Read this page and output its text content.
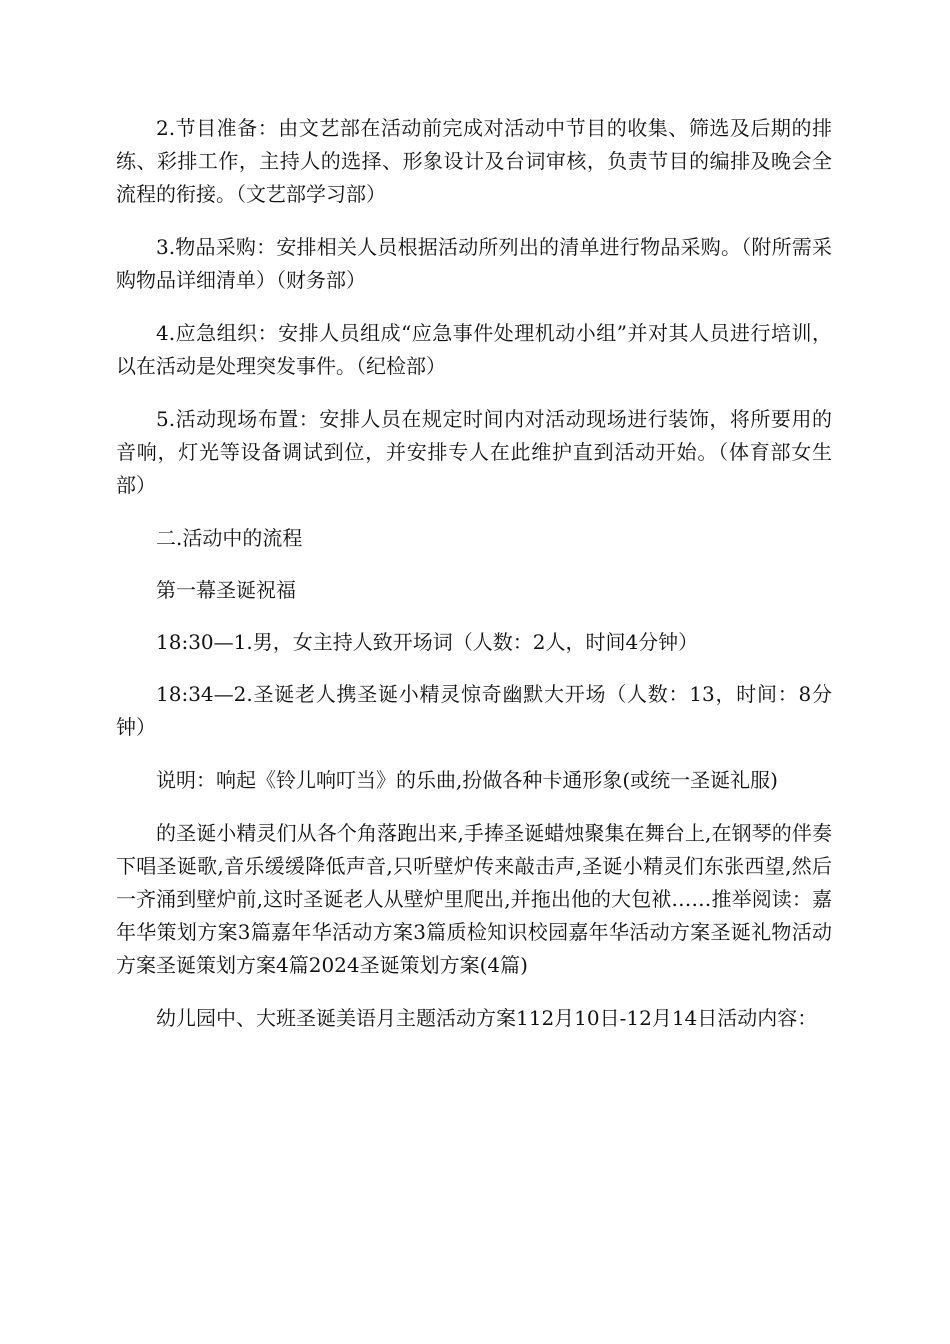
2.节目准备：由文艺部在活动前完成对活动中节目的收集、筛选及后期的排练、彩排工作，主持人的选择、形象设计及台词审核，负责节目的编排及晚会全流程的衔接。（文艺部学习部）

3.物品采购：安排相关人员根据活动所列出的清单进行物品采购。（附所需采购物品详细清单）（财务部）

4.应急组织：安排人员组成“应急事件处理机动小组”并对其人员进行培训，以在活动是处理突发事件。（纪检部）

5.活动现场布置：安排人员在规定时间内对活动现场进行装饰，将所要用的音响，灯光等设备调试到位，并安排专人在此维护直到活动开始。（体育部女生部）

二.活动中的流程

第一幕圣诞祝福

18:30—1.男，女主持人致开场词（人数：2人，时间4分钟）

18:34—2.圣诞老人携圣诞小精灵惊奇幽默大开场（人数：13，时间：8分钟）

说明：响起《铃儿响叮当》的乐曲,扮做各种卡通形象(或统一圣诞礼服)

的圣诞小精灵们从各个角落跑出来,手捧圣诞蜡烛聚集在舞台上,在钢琴的伴奏下唱圣诞歌,音乐缓缓降低声音,只听壁炉传来敲击声,圣诞小精灵们东张西望,然后一齐涌到壁炉前,这时圣诞老人从壁炉里爬出,并拖出他的大包袱……推举阅读：嘉年华策划方案3篇嘉年华活动方案3篇质检知识校园嘉年华活动方案圣诞礼物活动方案圣诞策划方案4篇2024圣诞策划方案(4篇)

幼儿园中、大班圣诞美语月主题活动方案112月10日-12月14日活动内容：
